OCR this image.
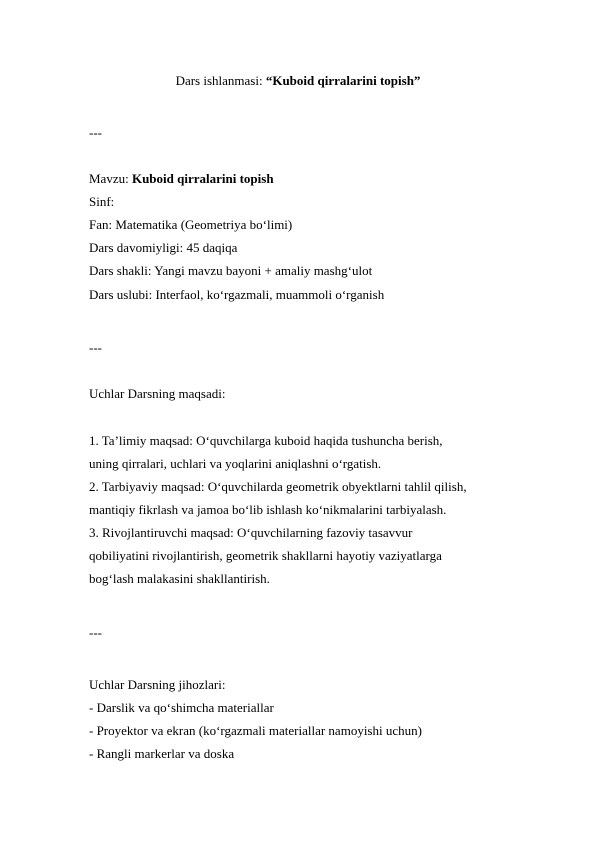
Dars ishlanmasi: “Kuboid qirralarini topish”
---
Mavzu: Kuboid qirralarini topish
Sinf:
Fan: Matematika (Geometriya bo‘limi)
Dars davomiyligi: 45 daqiqa
Dars shakli: Yangi mavzu bayoni + amaliy mashg‘ulot
Dars uslubi: Interfaol, ko‘rgazmali, muammoli o‘rganish
---
Uchlar Darsning maqsadi:
1. Ta’limiy maqsad: O‘quvchilarga kuboid haqida tushuncha berish,
uning qirralari, uchlari va yoqlarini aniqlashni o‘rgatish.
2. Tarbiyaviy maqsad: O‘quvchilarda geometrik obyektlarni tahlil qilish,
mantiqiy fikrlash va jamoa bo‘lib ishlash ko‘nikmalarini tarbiyalash.
3. Rivojlantiruvchi maqsad: O‘quvchilarning fazoviy tasavvur
qobiliyatini rivojlantirish, geometrik shakllarni hayotiy vaziyatlarga
bog‘lash malakasini shakllantirish.
---
Uchlar Darsning jihozlari:
- Darslik va qo‘shimcha materiallar
- Proyektor va ekran (ko‘rgazmali materiallar namoyishi uchun)
- Rangli markerlar va doska
